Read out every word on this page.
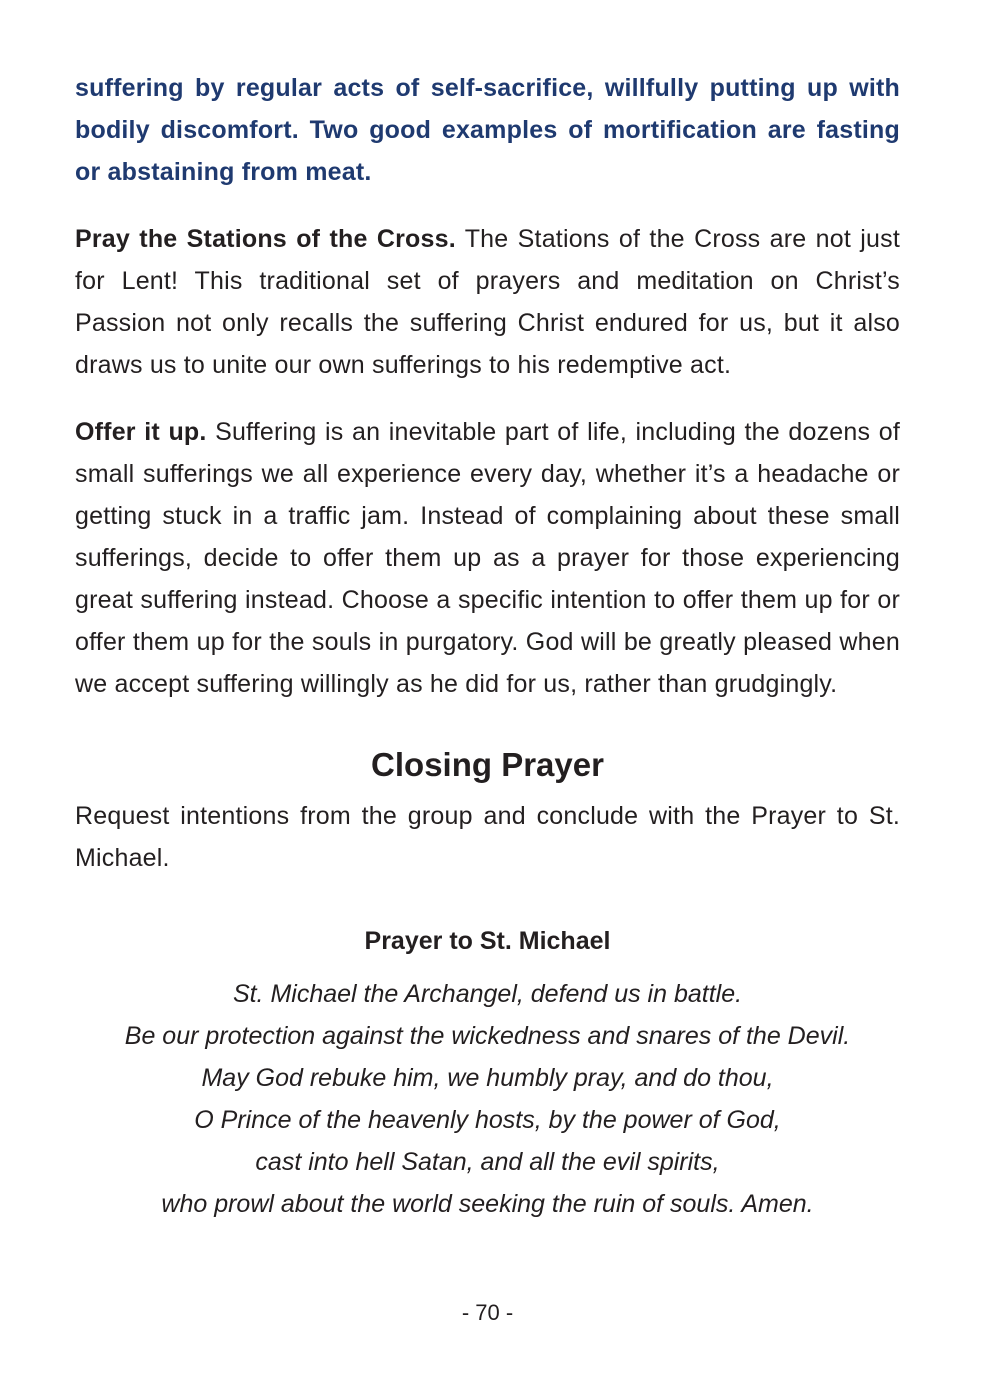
suffering by regular acts of self-sacrifice, willfully putting up with bodily discomfort. Two good examples of mortification are fasting or abstaining from meat.

Pray the Stations of the Cross. The Stations of the Cross are not just for Lent! This traditional set of prayers and meditation on Christ’s Passion not only recalls the suffering Christ endured for us, but it also draws us to unite our own sufferings to his redemptive act.

Offer it up. Suffering is an inevitable part of life, including the dozens of small sufferings we all experience every day, whether it’s a headache or getting stuck in a traffic jam. Instead of complaining about these small sufferings, decide to offer them up as a prayer for those experiencing great suffering instead. Choose a specific intention to offer them up for or offer them up for the souls in purgatory. God will be greatly pleased when we accept suffering willingly as he did for us, rather than grudgingly.

Closing Prayer

Request intentions from the group and conclude with the Prayer to St. Michael.

Prayer to St. Michael
St. Michael the Archangel, defend us in battle.
Be our protection against the wickedness and snares of the Devil.
May God rebuke him, we humbly pray, and do thou,
O Prince of the heavenly hosts, by the power of God,
cast into hell Satan, and all the evil spirits,
who prowl about the world seeking the ruin of souls. Amen.
- 70 -
